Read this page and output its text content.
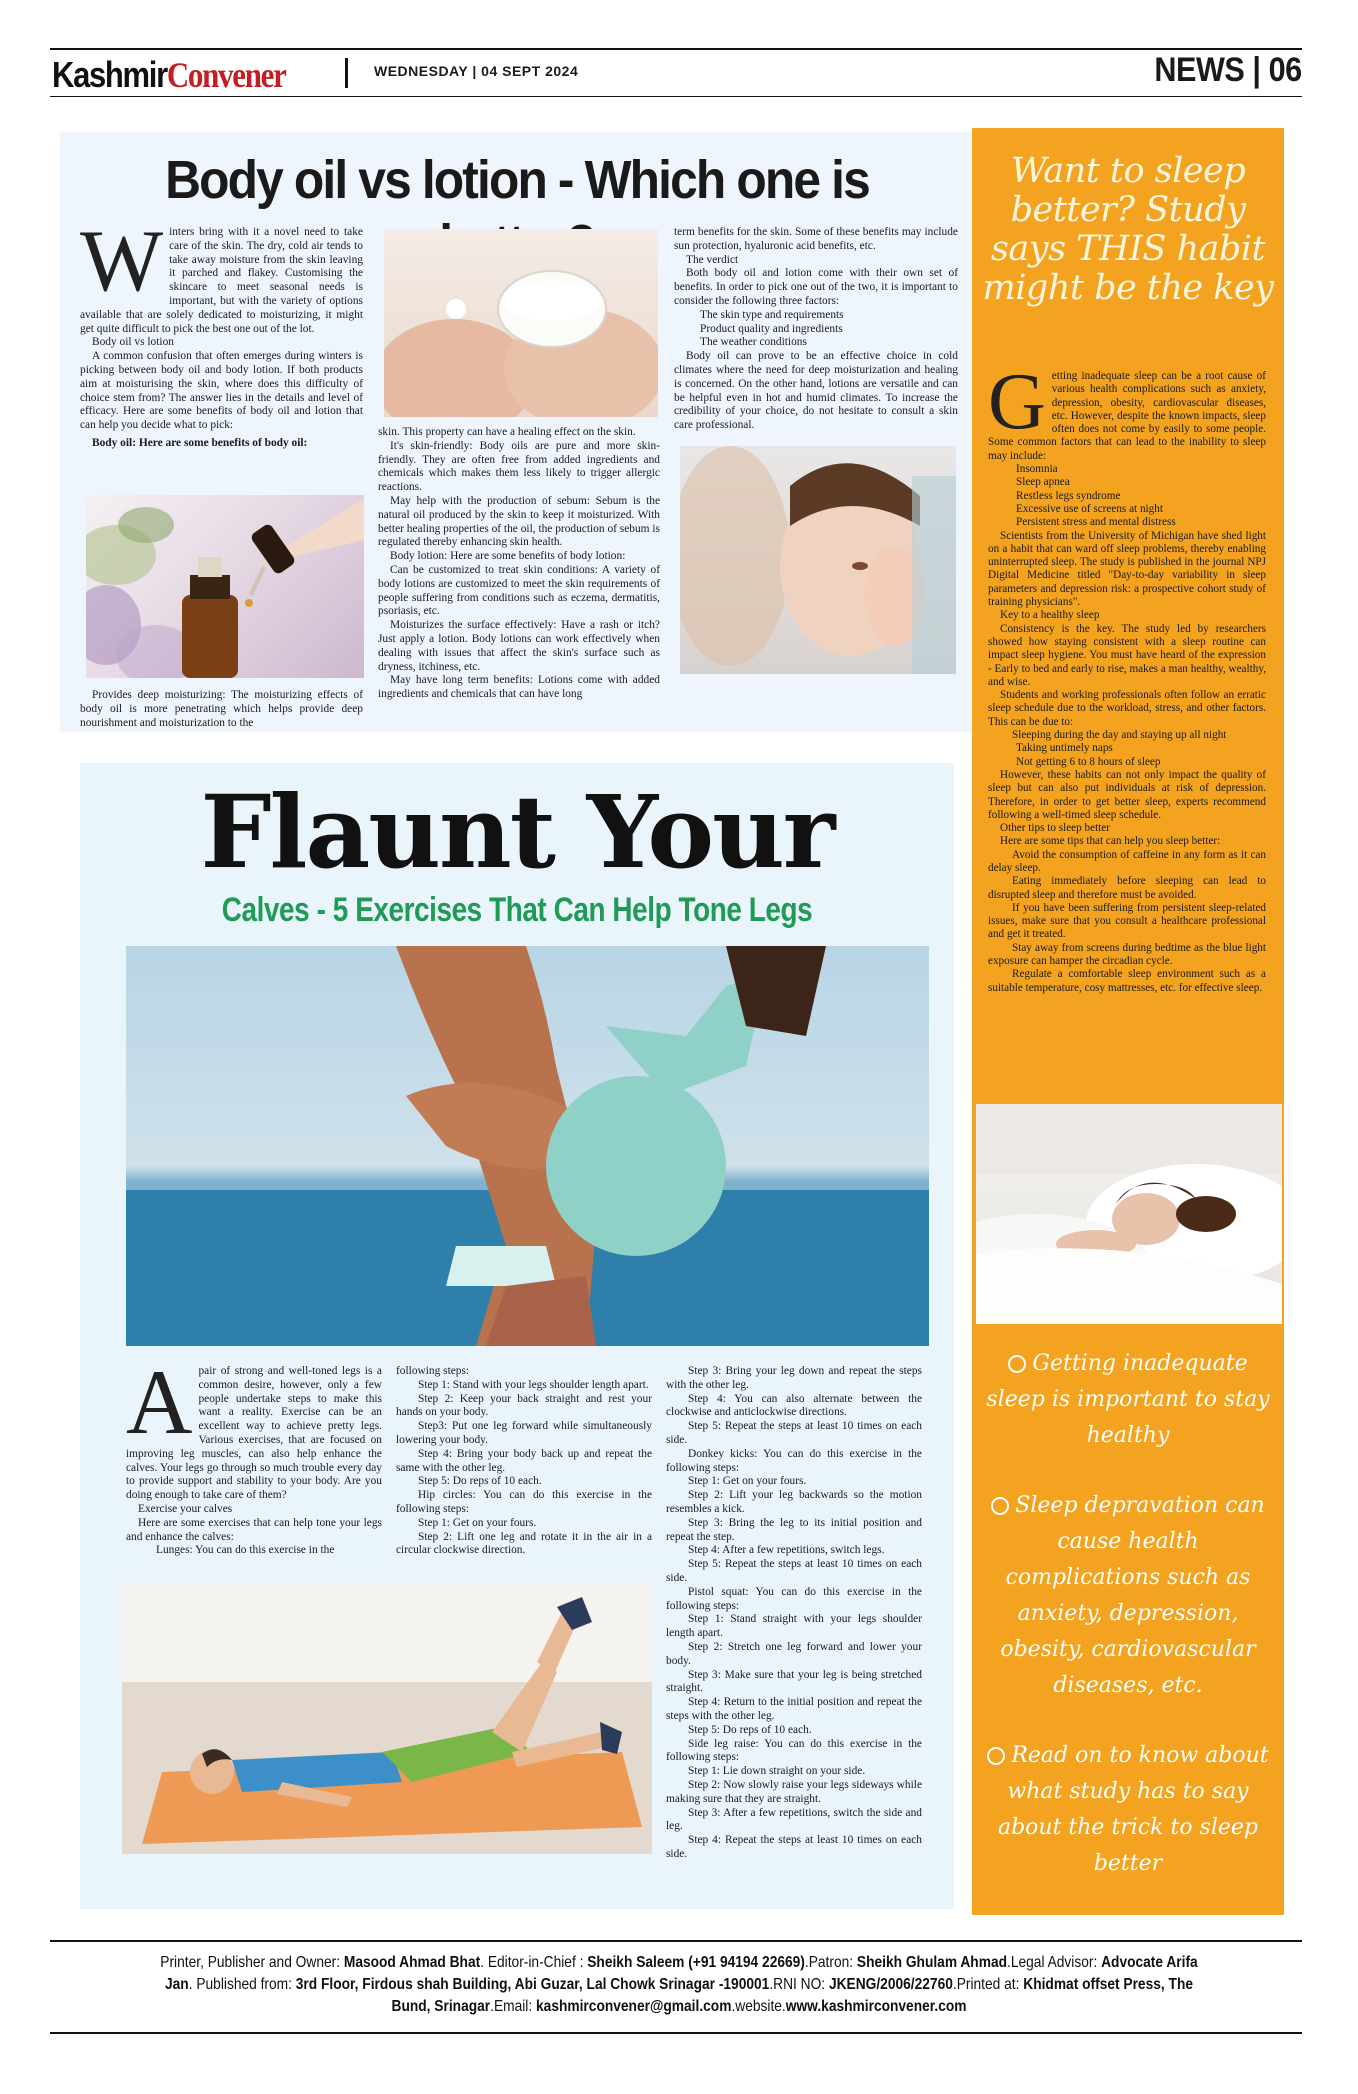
KashmirConvener	WEDNESDAY | 04 SEPT 2024	NEWS | 06
Body oil vs lotion - Which one is
W inters bring with it a novel need to take care of the skin. The dry, cold air tends to take away moisture from the skin leaving it parched and flakey. Customising the skincare to meet seasonal needs is important, but with the variety of options available that are solely dedicated to moisturizing, it might get quite difficult to pick the best one out of the lot.

Body oil vs lotion

A common confusion that often emerges during winters is picking between body oil and body lotion. If both products aim at moisturising the skin, where does this difficulty of choice stem from? The answer lies in the details and level of efficacy. Here are some benefits of body oil and lotion that can help you decide what to pick:

Body oil: Here are some benefits of body oil:

Provides deep moisturizing: The moisturizing effects of body oil is more penetrating which helps provide deep nourishment and moisturization to the

skin. This property can have a healing effect on the skin.

It's skin-friendly: Body oils are pure and more skin-friendly. They are often free from added ingredients and chemicals which makes them less likely to trigger allergic reactions.

May help with the production of sebum: Sebum is the natural oil produced by the skin to keep it moisturized. With better healing properties of the oil, the production of sebum is regulated thereby enhancing skin health.

Body lotion: Here are some benefits of body lotion:

Can be customized to treat skin conditions: A variety of body lotions are customized to meet the skin requirements of people suffering from conditions such as eczema, dermatitis, psoriasis, etc.

Moisturizes the surface effectively: Have a rash or itch? Just apply a lotion. Body lotions can work effectively when dealing with issues that affect the skin's surface such as dryness, itchiness, etc.

May have long term benefits: Lotions come with added ingredients and chemicals that can have long

term benefits for the skin. Some of these benefits may include sun protection, hyaluronic acid benefits, etc.

The verdict

Both body oil and lotion come with their own set of benefits. In order to pick one out of the two, it is important to consider the following three factors:

The skin type and requirements

Product quality and ingredients

The weather conditions

Body oil can prove to be an effective choice in cold climates where the need for deep moisturization and healing is concerned. On the other hand, lotions are versatile and can be helpful even in hot and humid climates. To increase the credibility of your choice, do not hesitate to consult a skin care professional.

Want to sleep better? Study says THIS habit might be the key
G etting inadequate sleep can be a root cause of various health complications such as anxiety, depression, obesity, cardiovascular diseases, etc. However, despite the known impacts, sleep often does not come by easily to some people. Some common factors that can lead to the inability to sleep may include:

Insomnia

Sleep apnea

Restless legs syndrome

Excessive use of screens at night

Persistent stress and mental distress

Scientists from the University of Michigan have shed light on a habit that can ward off sleep problems, thereby enabling uninterrupted sleep. The study is published in the journal NPJ Digital Medicine titled "Day-to-day variability in sleep parameters and depression risk: a prospective cohort study of training physicians".

Key to a healthy sleep

Consistency is the key. The study led by researchers showed how staying consistent with a sleep routine can impact sleep hygiene. You must have heard of the expression - Early to bed and early to rise, makes a man healthy, wealthy, and wise.

Students and working professionals often follow an erratic sleep schedule due to the workload, stress, and other factors. This can be due to:

Sleeping during the day and staying up all night

Taking untimely naps

Not getting 6 to 8 hours of sleep

However, these habits can not only impact the quality of sleep but can also put individuals at risk of depression. Therefore, in order to get better sleep, experts recommend following a well-timed sleep schedule.

Other tips to sleep better

Here are some tips that can help you sleep better:

Avoid the consumption of caffeine in any form as it can delay sleep.

Eating immediately before sleeping can lead to disrupted sleep and therefore must be avoided.

If you have been suffering from persistent sleep-related issues, make sure that you consult a healthcare professional and get it treated.

Stay away from screens during bedtime as the blue light exposure can hamper the circadian cycle.

Regulate a comfortable sleep environment such as a suitable temperature, cosy mattresses, etc. for effective sleep.

Getting inadequate sleep is important to stay healthy
Sleep depravation can cause health complications such as anxiety, depression, obesity, cardiovascular diseases, etc.
Read on to know about what study has to say about the trick to sleep better
Flaunt Your
Calves - 5 Exercises That Can Help Tone Legs
A pair of strong and well-toned legs is a common desire, however, only a few people undertake steps to make this want a reality. Exercise can be an excellent way to achieve pretty legs. Various exercises, that are focused on improving leg muscles, can also help enhance the calves. Your legs go through so much trouble every day to provide support and stability to your body. Are you doing enough to take care of them?

Exercise your calves

Here are some exercises that can help tone your legs and enhance the calves:

Lunges: You can do this exercise in the

following steps:

Step 1: Stand with your legs shoulder length apart.

Step 2: Keep your back straight and rest your hands on your body.

Step3: Put one leg forward while simultaneously lowering your body.

Step 4: Bring your body back up and repeat the same with the other leg.

Step 5: Do reps of 10 each.

Hip circles: You can do this exercise in the following steps:

Step 1: Get on your fours.

Step 2: Lift one leg and rotate it in the air in a circular clockwise direction.

Step 3: Bring your leg down and repeat the steps with the other leg.

Step 4: You can also alternate between the clockwise and anticlockwise directions.

Step 5: Repeat the steps at least 10 times on each side.

Donkey kicks: You can do this exercise in the following steps:

Step 1: Get on your fours.

Step 2: Lift your leg backwards so the motion resembles a kick.

Step 3: Bring the leg to its initial position and repeat the step.

Step 4: After a few repetitions, switch legs.

Step 5: Repeat the steps at least 10 times on each side.

Pistol squat: You can do this exercise in the following steps:

Step 1: Stand straight with your legs shoulder length apart.

Step 2: Stretch one leg forward and lower your body.

Step 3: Make sure that your leg is being stretched straight.

Step 4: Return to the initial position and repeat the steps with the other leg.

Step 5: Do reps of 10 each.

Side leg raise: You can do this exercise in the following steps:

Step 1: Lie down straight on your side.

Step 2: Now slowly raise your legs sideways while making sure that they are straight.

Step 3: After a few repetitions, switch the side and leg.

Step 4: Repeat the steps at least 10 times on each side.

Printer, Publisher and Owner: Masood Ahmad Bhat. Editor-in-Chief : Sheikh Saleem (+91 94194 22669).Patron: Sheikh Ghulam Ahmad.Legal Advisor: Advocate Arifa Jan. Published from: 3rd Floor, Firdous shah Building, Abi Guzar, Lal Chowk Srinagar -190001.RNI NO: JKENG/2006/22760.Printed at: Khidmat offset Press, The Bund, Srinagar.Email: kashmirconvener@gmail.com.website.www.kashmirconvener.com
